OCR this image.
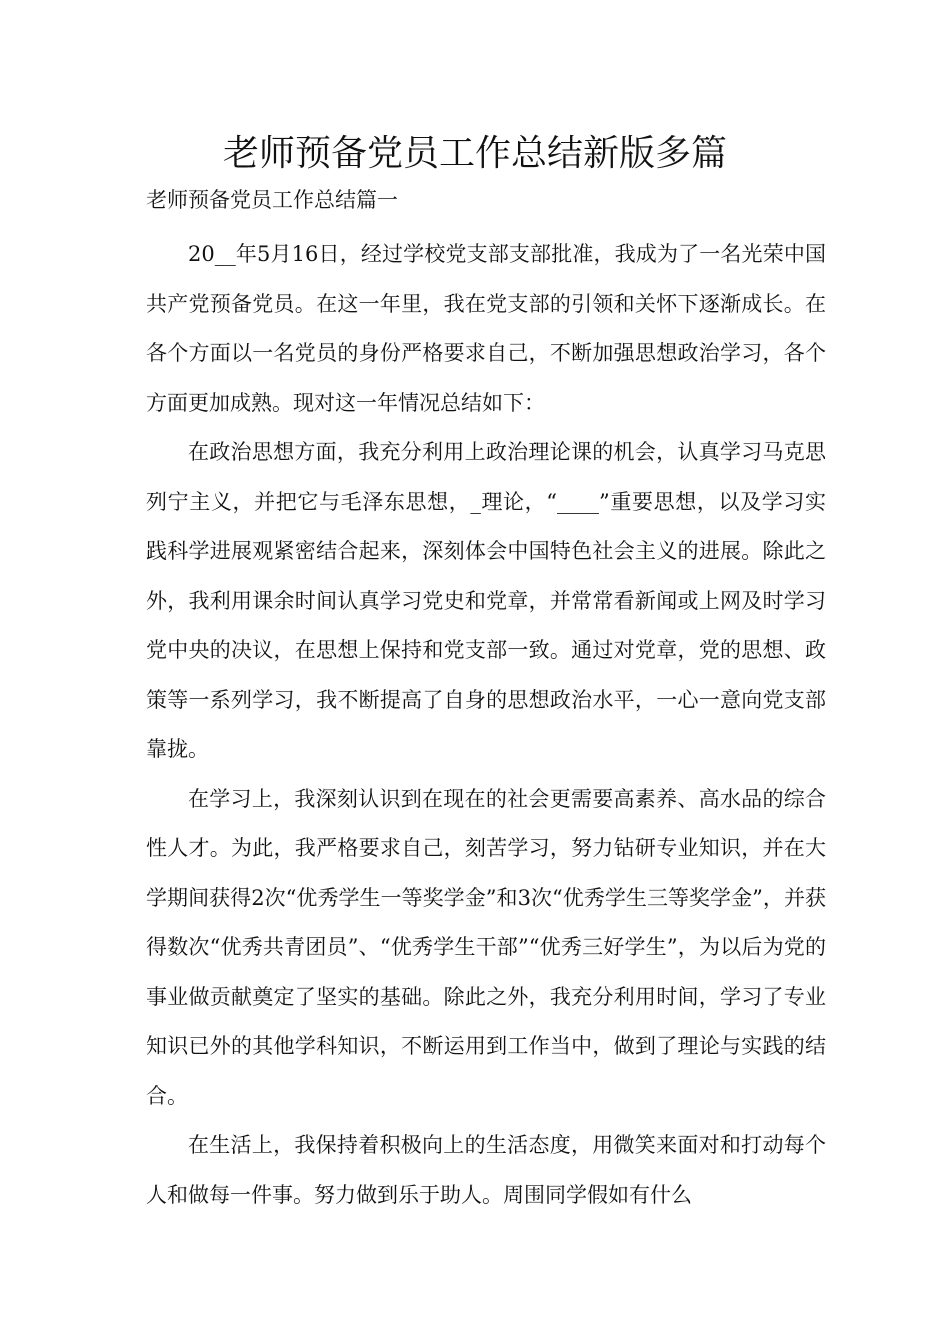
老师预备党员工作总结新版多篇
老师预备党员工作总结篇一

20__年5月16日，经过学校党支部支部批准，我成为了一名光荣中国共产党预备党员。在这一年里，我在党支部的引领和关怀下逐渐成长。在各个方面以一名党员的身份严格要求自己，不断加强思想政治学习，各个方面更加成熟。现对这一年情况总结如下：

在政治思想方面，我充分利用上政治理论课的机会，认真学习马克思列宁主义，并把它与毛泽东思想，_理论，“____”重要思想，以及学习实践科学进展观紧密结合起来，深刻体会中国特色社会主义的进展。除此之外，我利用课余时间认真学习党史和党章，并常常看新闻或上网及时学习党中央的决议，在思想上保持和党支部一致。通过对党章，党的思想、政策等一系列学习，我不断提高了自身的思想政治水平，一心一意向党支部靠拢。

在学习上，我深刻认识到在现在的社会更需要高素养、高水品的综合性人才。为此，我严格要求自己，刻苦学习，努力钻研专业知识，并在大学期间获得2次“优秀学生一等奖学金”和3次“优秀学生三等奖学金”，并获得数次“优秀共青团员”、“优秀学生干部”“优秀三好学生”，为以后为党的事业做贡献奠定了坚实的基础。除此之外，我充分利用时间，学习了专业知识已外的其他学科知识，不断运用到工作当中，做到了理论与实践的结合。

在生活上，我保持着积极向上的生活态度，用微笑来面对和打动每个人和做每一件事。努力做到乐于助人。周围同学假如有什么
